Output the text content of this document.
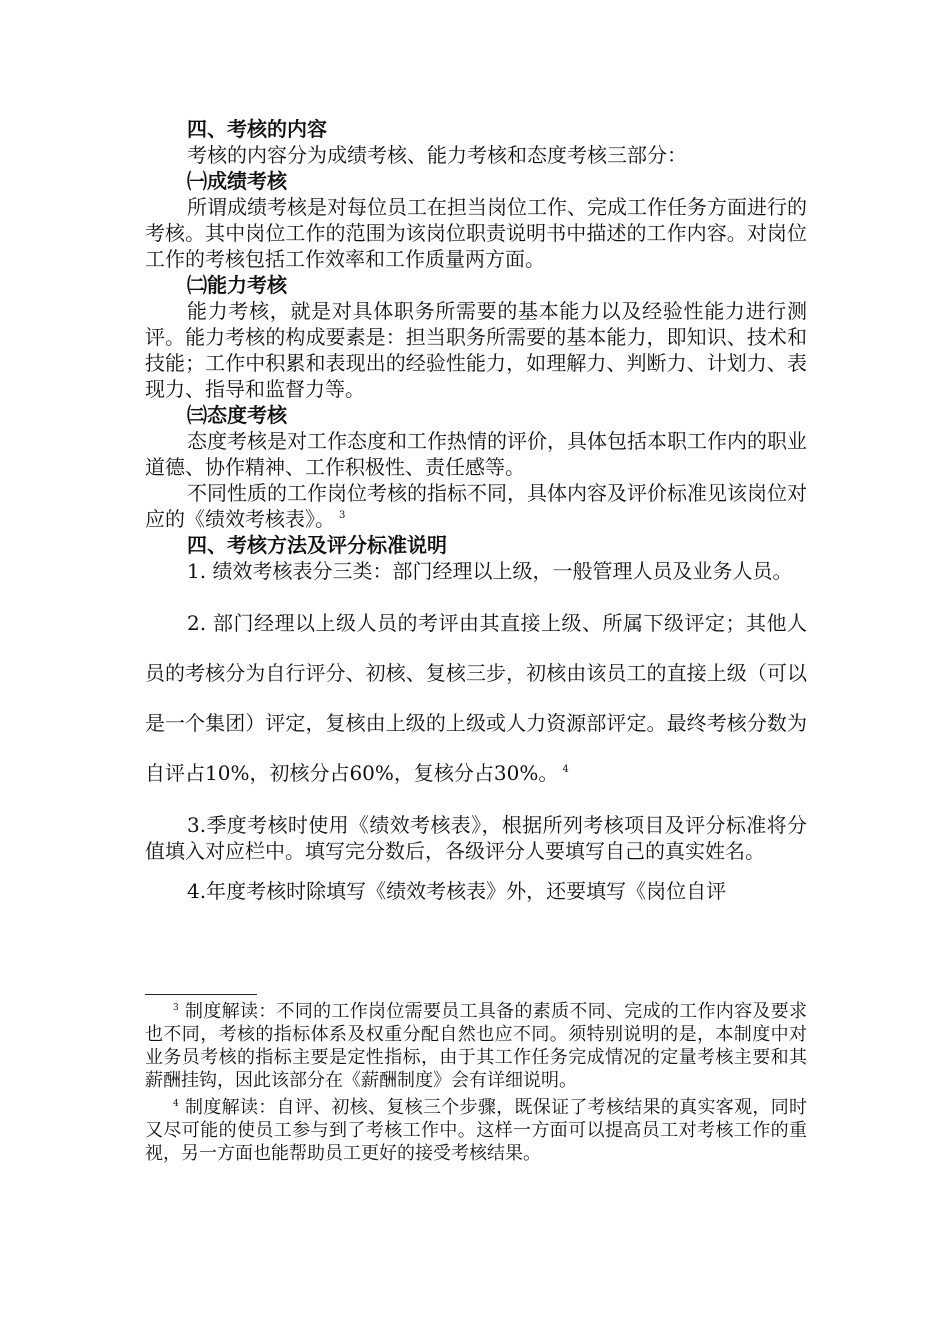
四、考核的内容

考核的内容分为成绩考核、能力考核和态度考核三部分：

㈠成绩考核

所谓成绩考核是对每位员工在担当岗位工作、完成工作任务方面进行的考核。其中岗位工作的范围为该岗位职责说明书中描述的工作内容。对岗位工作的考核包括工作效率和工作质量两方面。

㈡能力考核

能力考核，就是对具体职务所需要的基本能力以及经验性能力进行测评。能力考核的构成要素是：担当职务所需要的基本能力，即知识、技术和技能；工作中积累和表现出的经验性能力，如理解力、判断力、计划力、表现力、指导和监督力等。

㈢态度考核

态度考核是对工作态度和工作热情的评价，具体包括本职工作内的职业道德、协作精神、工作积极性、责任感等。

不同性质的工作岗位考核的指标不同，具体内容及评价标准见该岗位对应的《绩效考核表》。 $^3$

四、考核方法及评分标准说明

1. 绩效考核表分三类：部门经理以上级，一般管理人员及业务人员。

2. 部门经理以上级人员的考评由其直接上级、所属下级评定；其他人员的考核分为自行评分、初核、复核三步，初核由该员工的直接上级（可以是一个集团）评定，复核由上级的上级或人力资源部评定。最终考核分数为自评占10%，初核分占60%，复核分占30%。 $^4$

3.季度考核时使用《绩效考核表》，根据所列考核项目及评分标准将分值填入对应栏中。填写完分数后，各级评分人要填写自己的真实姓名。

4.年度考核时除填写《绩效考核表》外，还要填写《岗位自评

$^3$ 制度解读：不同的工作岗位需要员工具备的素质不同、完成的工作内容及要求也不同，考核的指标体系及权重分配自然也应不同。须特别说明的是，本制度中对业务员考核的指标主要是定性指标，由于其工作任务完成情况的定量考核主要和其薪酬挂钩，因此该部分在《薪酬制度》会有详细说明。

$^4$ 制度解读：自评、初核、复核三个步骤，既保证了考核结果的真实客观，同时又尽可能的使员工参与到了考核工作中。这样一方面可以提高员工对考核工作的重视，另一方面也能帮助员工更好的接受考核结果。
